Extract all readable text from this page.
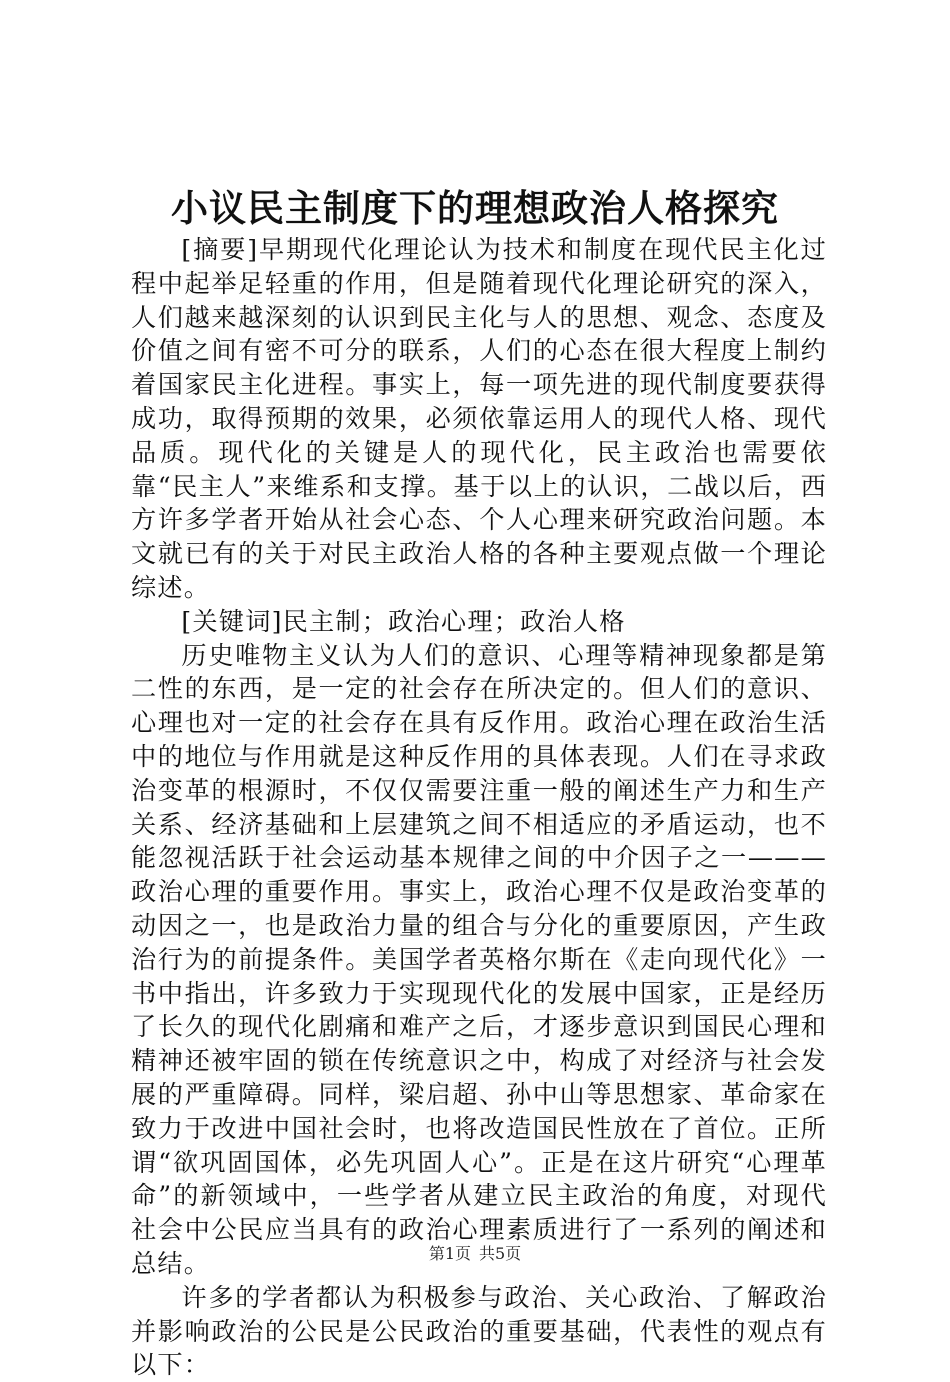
小议民主制度下的理想政治人格探究

[摘要]早期现代化理论认为技术和制度在现代民主化过程中起举足轻重的作用，但是随着现代化理论研究的深入，人们越来越深刻的认识到民主化与人的思想、观念、态度及价值之间有密不可分的联系，人们的心态在很大程度上制约着国家民主化进程。事实上，每一项先进的现代制度要获得成功，取得预期的效果，必须依靠运用人的现代人格、现代品质。现代化的关键是人的现代化，民主政治也需要依靠“民主人”来维系和支撑。基于以上的认识，二战以后，西方许多学者开始从社会心态、个人心理来研究政治问题。本文就已有的关于对民主政治人格的各种主要观点做一个理论综述。

[关键词]民主制；政治心理；政治人格

历史唯物主义认为人们的意识、心理等精神现象都是第二性的东西，是一定的社会存在所决定的。但人们的意识、心理也对一定的社会存在具有反作用。政治心理在政治生活中的地位与作用就是这种反作用的具体表现。人们在寻求政治变革的根源时，不仅仅需要注重一般的阐述生产力和生产关系、经济基础和上层建筑之间不相适应的矛盾运动，也不能忽视活跃于社会运动基本规律之间的中介因子之一———政治心理的重要作用。事实上，政治心理不仅是政治变革的动因之一，也是政治力量的组合与分化的重要原因，产生政治行为的前提条件。美国学者英格尔斯在《走向现代化》一书中指出，许多致力于实现现代化的发展中国家，正是经历了长久的现代化剧痛和难产之后，才逐步意识到国民心理和精神还被牢固的锁在传统意识之中，构成了对经济与社会发展的严重障碍。同样，梁启超、孙中山等思想家、革命家在致力于改进中国社会时，也将改造国民性放在了首位。正所谓“欲巩固国体，必先巩固人心”。正是在这片研究“心理革命”的新领域中，一些学者从建立民主政治的角度，对现代社会中公民应当具有的政治心理素质进行了一系列的阐述和总结。

许多的学者都认为积极参与政治、关心政治、了解政治并影响政治的公民是公民政治的重要基础，代表性的观点有以下：

第1页 共5页
